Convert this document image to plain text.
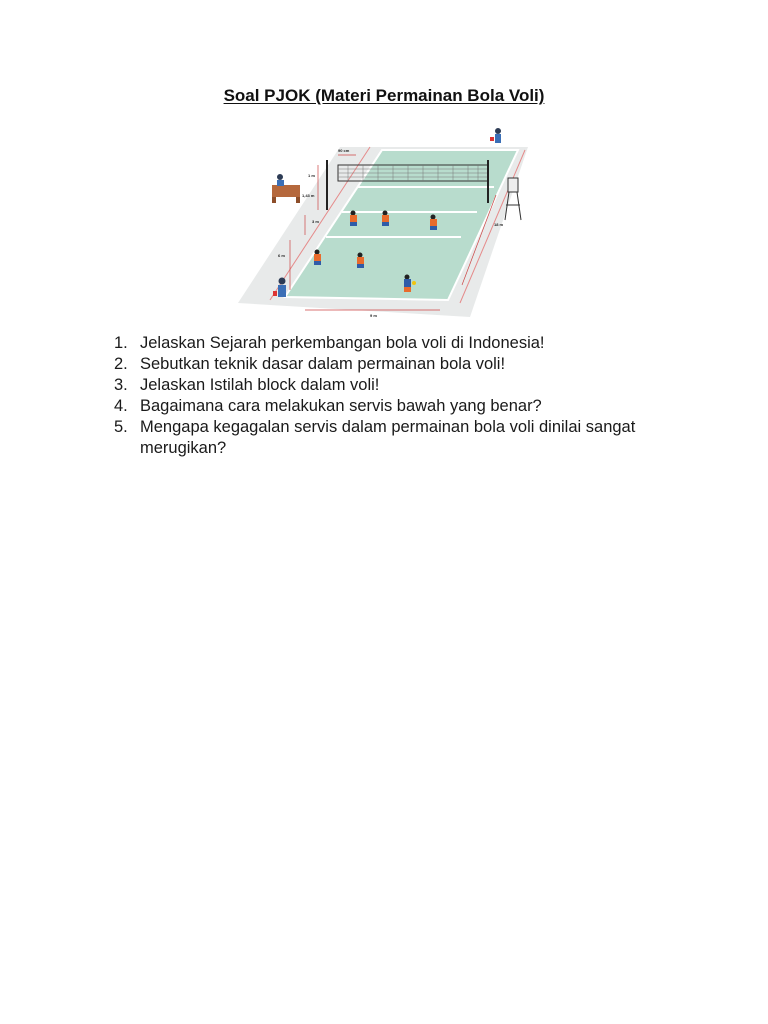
Soal PJOK (Materi Permainan Bola Voli)
90 cm
1 m
1,43 m
3 m
6 m
18 m
9 m
1. Jelaskan Sejarah perkembangan bola voli di Indonesia!
2. Sebutkan teknik dasar dalam permainan bola voli!
3. Jelaskan Istilah block dalam voli!
4. Bagaimana cara melakukan servis bawah yang benar?
5. Mengapa kegagalan servis dalam permainan bola voli dinilai sangat merugikan?
